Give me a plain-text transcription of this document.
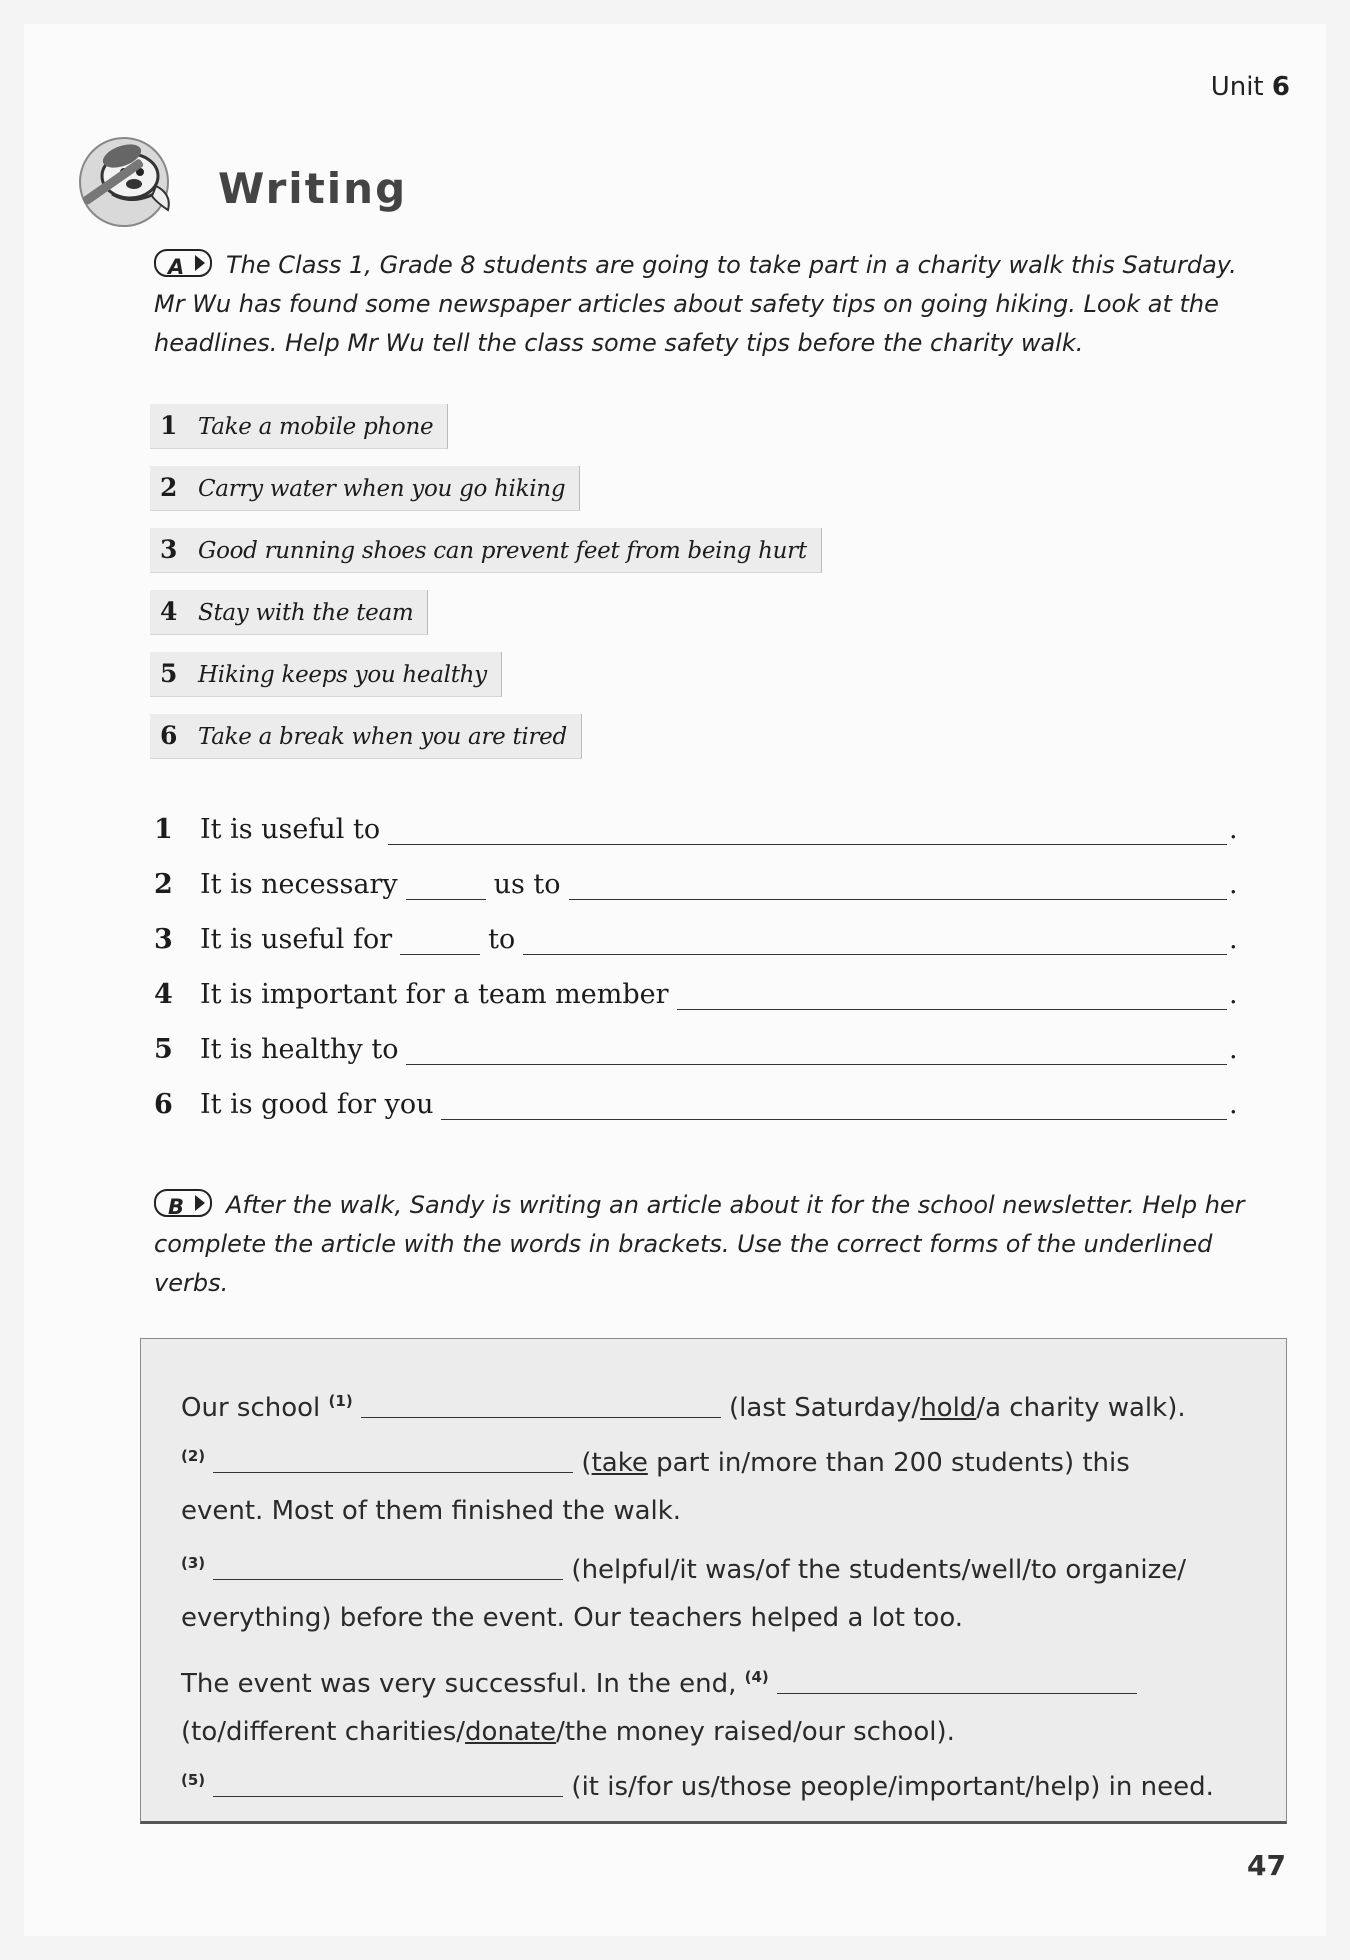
Unit 6
Writing
A The Class 1, Grade 8 students are going to take part in a charity walk this Saturday. Mr Wu has found some newspaper articles about safety tips on going hiking. Look at the headlines. Help Mr Wu tell the class some safety tips before the charity walk.
1 Take a mobile phone
2 Carry water when you go hiking
3 Good running shoes can prevent feet from being hurt
4 Stay with the team
5 Hiking keeps you healthy
6 Take a break when you are tired
1	It is useful to	.
2	It is necessary	us to	.
3	It is useful for	to	.
4	It is important for a team member	.
5	It is healthy to	.
6	It is good for you	.
B After the walk, Sandy is writing an article about it for the school newsletter. Help her complete the article with the words in brackets. Use the correct forms of the underlined verbs.
Our school $^{(1)}$	(last Saturday/hold/a charity walk).
$^{(2)}$	(take part in/more than 200 students) this
event. Most of them finished the walk.
$^{(3)}$	(helpful/it was/of the students/well/to organize/
everything) before the event. Our teachers helped a lot too.
The event was very successful. In the end, $^{(4)}$
(to/different charities/donate/the money raised/our school).
$^{(5)}$	(it is/for us/those people/important/help) in need.
47
